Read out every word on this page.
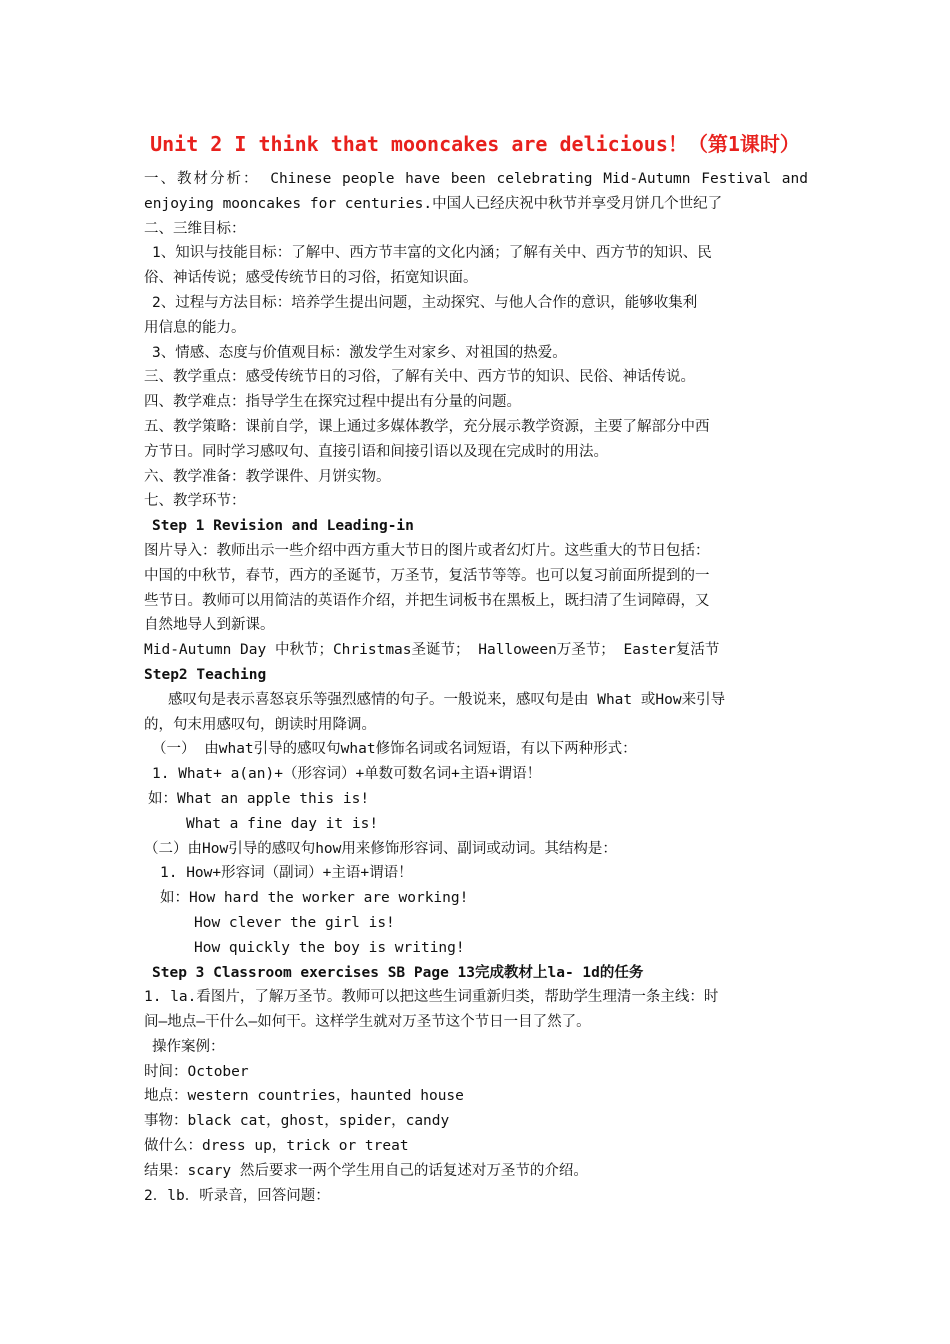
Unit 2 I think that mooncakes are delicious！（第1课时）
一、教材分析： Chinese people have been celebrating Mid-Autumn Festival and
enjoying mooncakes for centuries.中国人已经庆祝中秋节并享受月饼几个世纪了
二、三维目标：
1、知识与技能目标：了解中、西方节丰富的文化内涵；了解有关中、西方节的知识、民
俗、神话传说；感受传统节日的习俗，拓宽知识面。
2、过程与方法目标：培养学生提出问题，主动探究、与他人合作的意识，能够收集利
用信息的能力。
3、情感、态度与价值观目标：激发学生对家乡、对祖国的热爱。
三、教学重点：感受传统节日的习俗，了解有关中、西方节的知识、民俗、神话传说。
四、教学难点：指导学生在探究过程中提出有分量的问题。
五、教学策略：课前自学，课上通过多媒体教学，充分展示教学资源，主要了解部分中西
方节日。同时学习感叹句、直接引语和间接引语以及现在完成时的用法。
六、教学准备：教学课件、月饼实物。
七、教学环节：
Step 1 Revision and Leading-in
图片导入：教师出示一些介绍中西方重大节日的图片或者幻灯片。这些重大的节日包括：
中国的中秋节，春节，西方的圣诞节，万圣节，复活节等等。也可以复习前面所提到的一
些节日。教师可以用简洁的英语作介绍，并把生词板书在黑板上，既扫清了生词障碍，又
自然地导人到新课。
Mid-Autumn Day 中秋节；Christmas圣诞节； Halloween万圣节； Easter复活节
Step2 Teaching
感叹句是表示喜怒哀乐等强烈感情的句子。一般说来，感叹句是由 What 或How来引导
的，句末用感叹句，朗读时用降调。
（一） 由what引导的感叹句what修饰名词或名词短语，有以下两种形式：
1. What+ a(an)+（形容词）+单数可数名词+主语+谓语！
如：What an apple this is!
What a fine day it is!
（二）由How引导的感叹句how用来修饰形容词、副词或动词。其结构是：
1. How+形容词（副词）+主语+谓语！
如：How hard the worker are working!
How clever the girl is!
How quickly the boy is writing!
Step 3 Classroom exercises SB Page 13完成教材上la- 1d的任务
1. la.看图片，了解万圣节。教师可以把这些生词重新归类，帮助学生理清一条主线：时
间—地点—干什么—如何干。这样学生就对万圣节这个节日一目了然了。
操作案例：
时间：October
地点：western countries，haunted house
事物：black cat，ghost，spider，candy
做什么：dress up，trick or treat
结果：scary 然后要求一两个学生用自己的话复述对万圣节的介绍。
2．lb．听录音，回答问题：
